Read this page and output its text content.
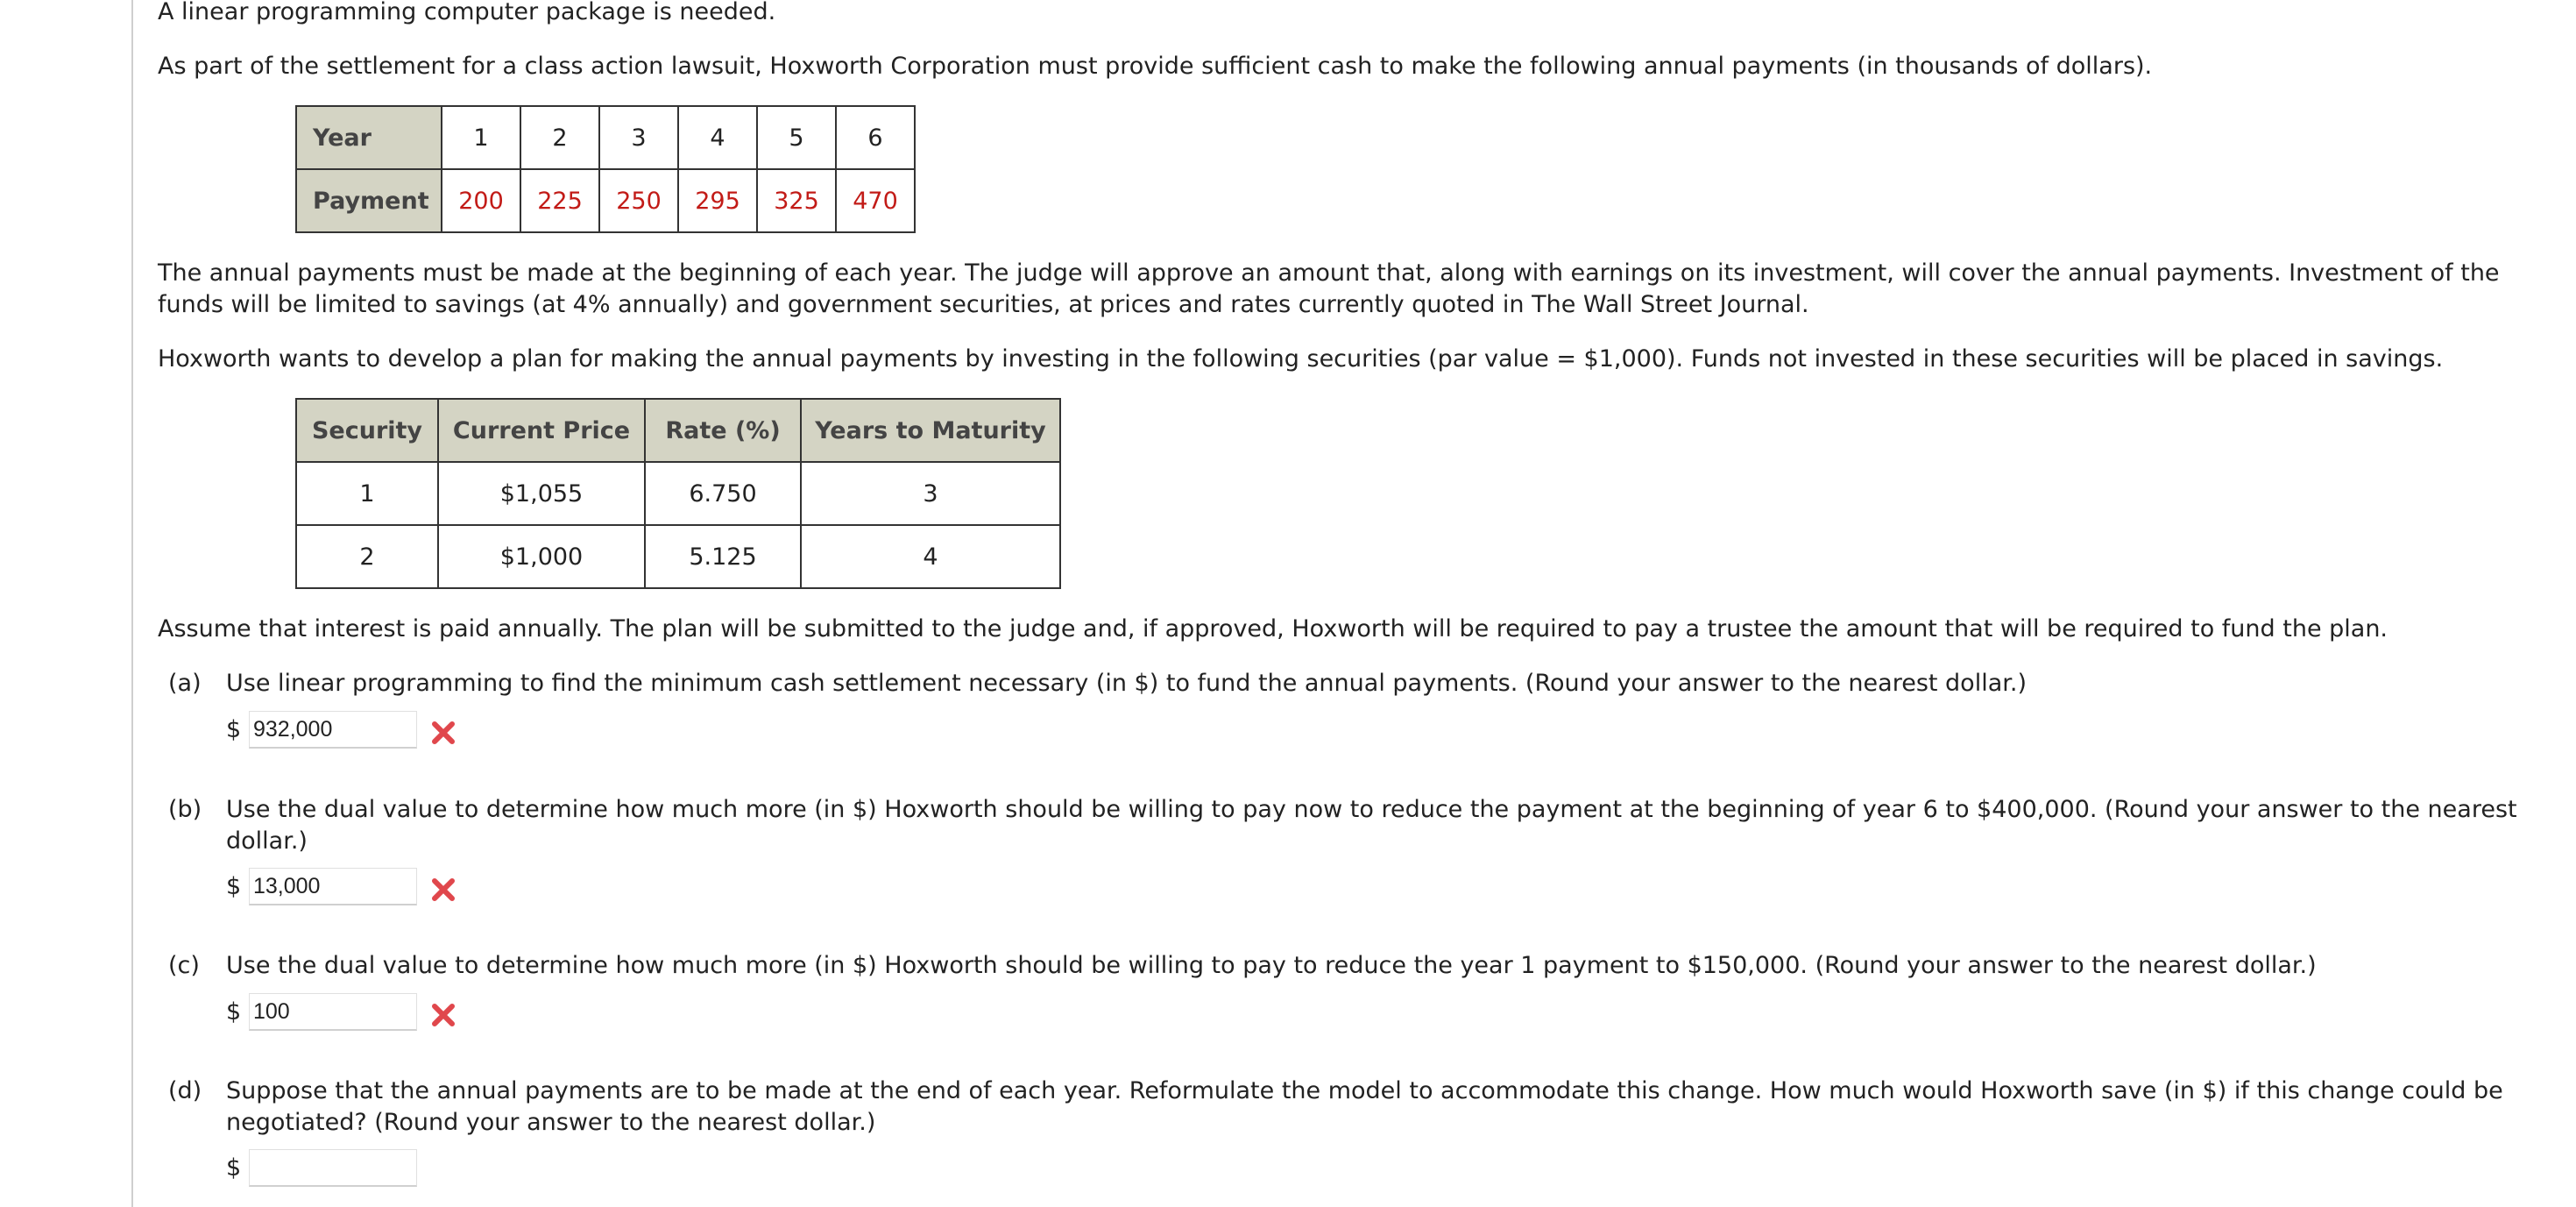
A linear programming computer package is needed.

As part of the settlement for a class action lawsuit, Hoxworth Corporation must provide sufficient cash to make the following annual payments (in thousands of dollars).

Year	1	2	3	4	5	6
Payment	200	225	250	295	325	470

The annual payments must be made at the beginning of each year. The judge will approve an amount that, along with earnings on its investment, will cover the annual payments. Investment of the funds will be limited to savings (at 4% annually) and government securities, at prices and rates currently quoted in The Wall Street Journal.

Hoxworth wants to develop a plan for making the annual payments by investing in the following securities (par value = $1,000). Funds not invested in these securities will be placed in savings.

Security	Current Price	Rate (%)	Years to Maturity
1	$1,055	6.750	3
2	$1,000	5.125	4

Assume that interest is paid annually. The plan will be submitted to the judge and, if approved, Hoxworth will be required to pay a trustee the amount that will be required to fund the plan.

(a) Use linear programming to find the minimum cash settlement necessary (in $) to fund the annual payments. (Round your answer to the nearest dollar.)
$ 932,000
(b) Use the dual value to determine how much more (in $) Hoxworth should be willing to pay now to reduce the payment at the beginning of year 6 to $400,000. (Round your answer to the nearest dollar.)
$ 13,000
(c) Use the dual value to determine how much more (in $) Hoxworth should be willing to pay to reduce the year 1 payment to $150,000. (Round your answer to the nearest dollar.)
$ 100
(d) Suppose that the annual payments are to be made at the end of each year. Reformulate the model to accommodate this change. How much would Hoxworth save (in $) if this change could be negotiated? (Round your answer to the nearest dollar.)
$
